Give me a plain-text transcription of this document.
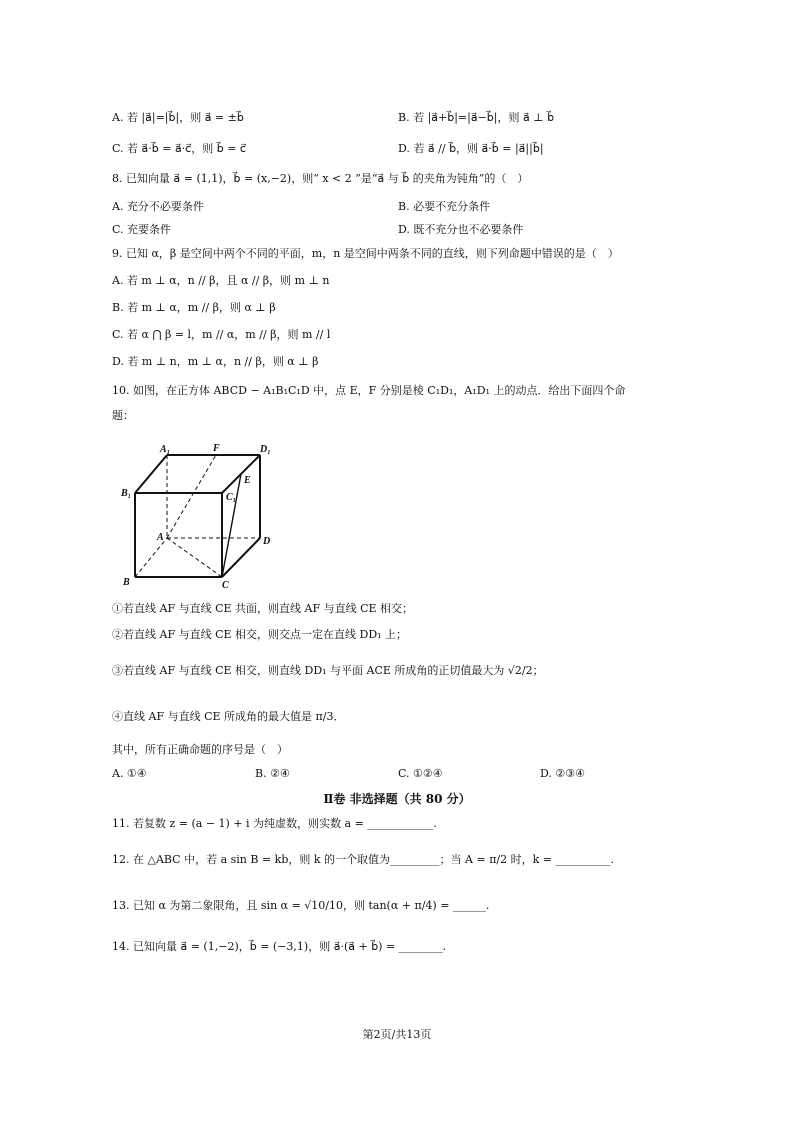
A. 若 |a⃗|=|b⃗|，则 a⃗ = ±b⃗	B. 若 |a⃗+b⃗|=|a⃗−b⃗|，则 a⃗ ⊥ b⃗
C. 若 a⃗·b⃗ = a⃗·c⃗，则 b⃗ = c⃗	D. 若 a⃗ // b⃗，则 a⃗·b⃗ = |a⃗||b⃗|
8. 已知向量 a⃗ = (1,1)，b⃗ = (x,−2)，则“ x < 2 ”是“a⃗ 与 b⃗ 的夹角为钝角”的（　）
A. 充分不必要条件	B. 必要不充分条件
C. 充要条件	D. 既不充分也不必要条件
9. 已知 α，β 是空间中两个不同的平面，m，n 是空间中两条不同的直线，则下列命题中错误的是（　）
A. 若 m ⊥ α，n // β，且 α // β，则 m ⊥ n
B. 若 m ⊥ α，m // β，则 α ⊥ β
C. 若 α ⋂ β = l，m // α，m // β，则 m // l
D. 若 m ⊥ n，m ⊥ α，n // β，则 α ⊥ β
10. 如图，在正方体 ABCD − A₁B₁C₁D 中，点 E，F 分别是棱 C₁D₁，A₁D₁ 上的动点．给出下面四个命
题：
A₁	F	D₁
B₁	C₁
E
A	D
B	C
①若直线 AF 与直线 CE 共面，则直线 AF 与直线 CE 相交；
②若直线 AF 与直线 CE 相交，则交点一定在直线 DD₁ 上；
③若直线 AF 与直线 CE 相交，则直线 DD₁ 与平面 ACE 所成角的正切值最大为 √2/2；
④直线 AF 与直线 CE 所成角的最大值是 π/3．
其中，所有正确命题的序号是（　）
A. ①④	B. ②④	C. ①②④	D. ②③④
Ⅱ卷 非选择题（共 80 分）
11. 若复数 z = (a − 1) + i 为纯虚数，则实数 a = ____________.
12. 在 △ABC 中，若 a sin B = kb，则 k 的一个取值为_________；当 A = π/2 时，k = __________.
13. 已知 α 为第二象限角，且 sin α = √10/10，则 tan(α + π/4) = ______.
14. 已知向量 a⃗ = (1,−2)，b⃗ = (−3,1)，则 a⃗·(a⃗ + b⃗) = ________.
第2页/共13页
